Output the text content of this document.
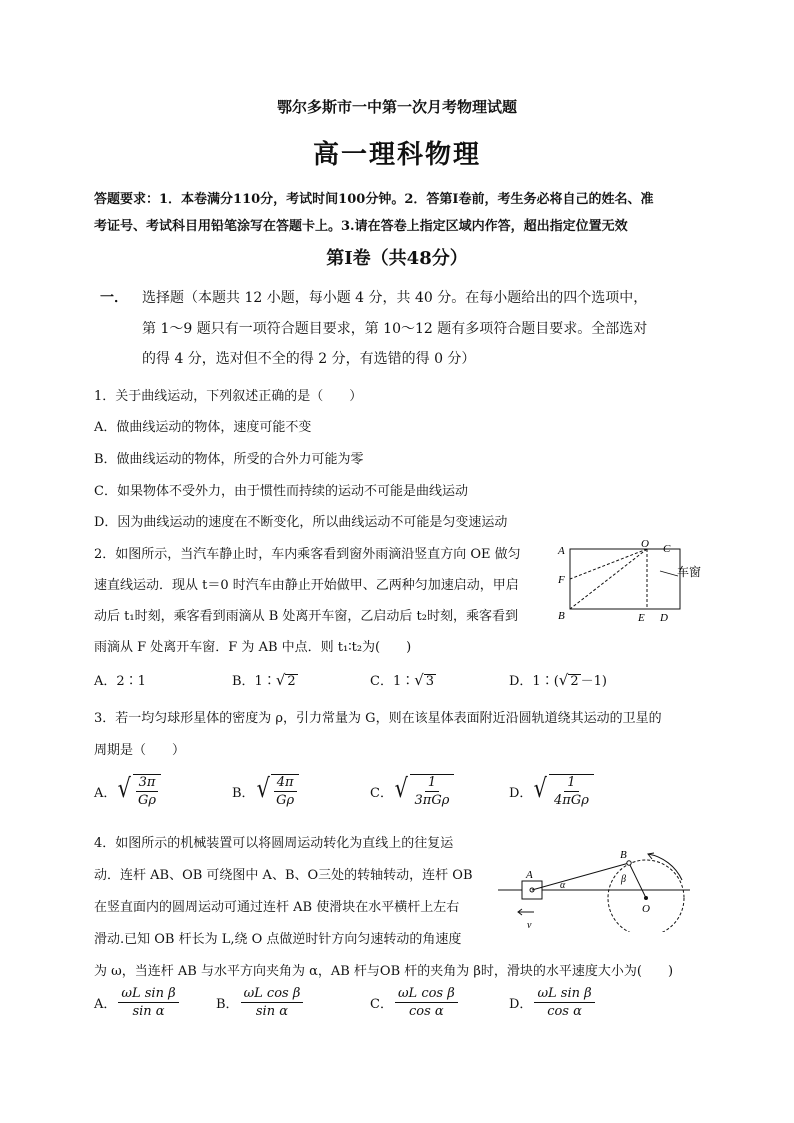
鄂尔多斯市一中第一次月考物理试题
高一理科物理
答题要求：1．本卷满分110分，考试时间100分钟。2．答第Ⅰ卷前，考生务必将自己的姓名、准
考证号、考试科目用铅笔涂写在答题卡上。3.请在答卷上指定区域内作答，超出指定位置无效
第Ⅰ卷（共48分）
一． 选择题（本题共 12 小题，每小题 4 分，共 40 分。在每小题给出的四个选项中，
第 1～9 题只有一项符合题目要求，第 10～12 题有多项符合题目要求。全部选对
的得 4 分，选对但不全的得 2 分，有选错的得 0 分）
1．关于曲线运动，下列叙述正确的是（　　）
A．做曲线运动的物体，速度可能不变
B．做曲线运动的物体，所受的合外力可能为零
C．如果物体不受外力，由于惯性而持续的运动不可能是曲线运动
D．因为曲线运动的速度在不断变化，所以曲线运动不可能是匀变速运动
2．如图所示，当汽车静止时，车内乘客看到窗外雨滴沿竖直方向 OE 做匀
速直线运动．现从 t＝0 时汽车由静止开始做甲、乙两种匀加速启动，甲启
动后 t₁时刻，乘客看到雨滴从 B 处离开车窗，乙启动后 t₂时刻，乘客看到
雨滴从 F 处离开车窗．F 为 AB 中点．则 t₁∶t₂为(　　)
A
O C
F
B	E D
车窗
A．2∶1	B．1∶√ 2	C．1∶√ 3	D．1∶(√ 2 －1)
3．若一均匀球形星体的密度为 ρ，引力常量为 G，则在该星体表面附近沿圆轨道绕其运动的卫星的
周期是（　　）
A． √ $\frac{3\pi}{G\rho}$	B． √ $\frac{4\pi}{G\rho}$	C． √ $\frac{1}{\text{3πGρ}}$	D． √ $\frac{1}{\text{4πGρ}}$
4．如图所示的机械装置可以将圆周运动转化为直线上的往复运
动．连杆 AB、OB 可绕图中 A、B、O三处的转轴转动，连杆 OB
在竖直面内的圆周运动可通过连杆 AB 使滑块在水平横杆上左右
滑动.已知 OB 杆长为 L,绕 O 点做逆时针方向匀速转动的角速度
为 ω，当连杆 AB 与水平方向夹角为 α，AB 杆与OB 杆的夹角为 β时，滑块的水平速度大小为(　　)
A
B
O
α
β
v
A． $\frac{\text{ωL sin β}}{\text{sin α}}$	B． $\frac{\text{ωL cos β}}{\text{sin α}}$	C． $\frac{\text{ωL cos β}}{\text{cos α}}$	D． $\frac{\text{ωL sin β}}{\text{cos α}}$
